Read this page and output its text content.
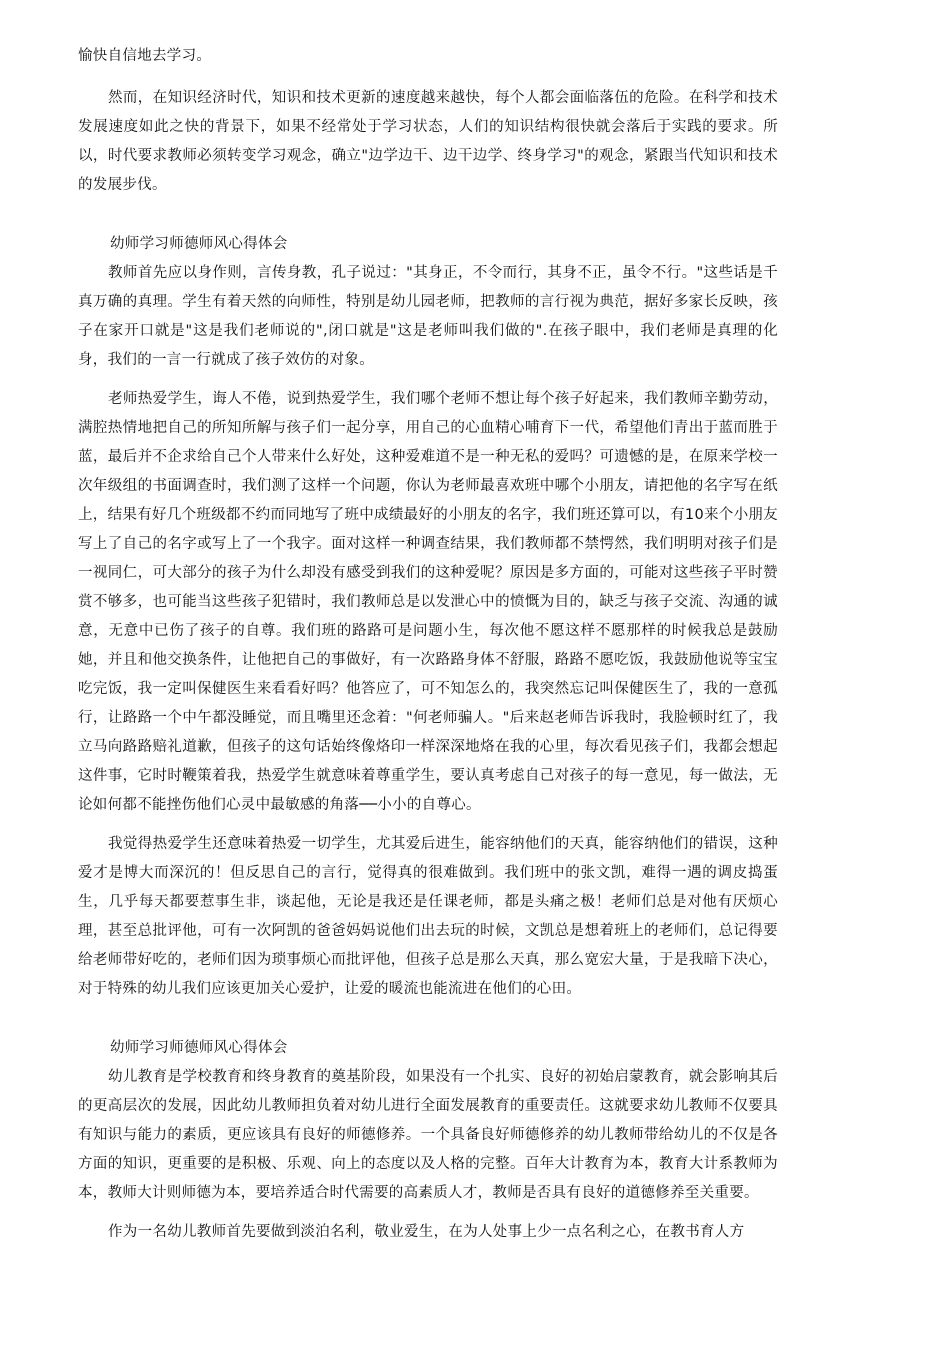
愉快自信地去学习。

然而，在知识经济时代，知识和技术更新的速度越来越快，每个人都会面临落伍的危险。在科学和技术发展速度如此之快的背景下，如果不经常处于学习状态，人们的知识结构很快就会落后于实践的要求。所以，时代要求教师必须转变学习观念，确立"边学边干、边干边学、终身学习"的观念，紧跟当代知识和技术的发展步伐。

幼师学习师德师风心得体会

教师首先应以身作则，言传身教，孔子说过："其身正，不令而行，其身不正，虽令不行。"这些话是千真万确的真理。学生有着天然的向师性，特别是幼儿园老师，把教师的言行视为典范，据好多家长反映，孩子在家开口就是"这是我们老师说的",闭口就是"这是老师叫我们做的".在孩子眼中，我们老师是真理的化身，我们的一言一行就成了孩子效仿的对象。

老师热爱学生，诲人不倦，说到热爱学生，我们哪个老师不想让每个孩子好起来，我们教师辛勤劳动，满腔热情地把自己的所知所解与孩子们一起分享，用自己的心血精心哺育下一代，希望他们青出于蓝而胜于蓝，最后并不企求给自己个人带来什么好处，这种爱难道不是一种无私的爱吗？可遗憾的是，在原来学校一次年级组的书面调查时，我们测了这样一个问题，你认为老师最喜欢班中哪个小朋友，请把他的名字写在纸上，结果有好几个班级都不约而同地写了班中成绩最好的小朋友的名字，我们班还算可以，有10来个小朋友写上了自己的名字或写上了一个我字。面对这样一种调查结果，我们教师都不禁愕然，我们明明对孩子们是一视同仁，可大部分的孩子为什么却没有感受到我们的这种爱呢？原因是多方面的，可能对这些孩子平时赞赏不够多，也可能当这些孩子犯错时，我们教师总是以发泄心中的愤慨为目的，缺乏与孩子交流、沟通的诚意，无意中已伤了孩子的自尊。我们班的路路可是问题小生，每次他不愿这样不愿那样的时候我总是鼓励她，并且和他交换条件，让他把自己的事做好，有一次路路身体不舒服，路路不愿吃饭，我鼓励他说等宝宝吃完饭，我一定叫保健医生来看看好吗？他答应了，可不知怎么的，我突然忘记叫保健医生了，我的一意孤行，让路路一个中午都没睡觉，而且嘴里还念着："何老师骗人。"后来赵老师告诉我时，我脸顿时红了，我立马向路路赔礼道歉，但孩子的这句话始终像烙印一样深深地烙在我的心里，每次看见孩子们，我都会想起这件事，它时时鞭策着我，热爱学生就意味着尊重学生，要认真考虑自己对孩子的每一意见，每一做法，无论如何都不能挫伤他们心灵中最敏感的角落──小小的自尊心。

我觉得热爱学生还意味着热爱一切学生，尤其爱后进生，能容纳他们的天真，能容纳他们的错误，这种爱才是博大而深沉的！但反思自己的言行，觉得真的很难做到。我们班中的张文凯，难得一遇的调皮捣蛋生，几乎每天都要惹事生非，谈起他，无论是我还是任课老师，都是头痛之极！老师们总是对他有厌烦心理，甚至总批评他，可有一次阿凯的爸爸妈妈说他们出去玩的时候，文凯总是想着班上的老师们，总记得要给老师带好吃的，老师们因为琐事烦心而批评他，但孩子总是那么天真，那么宽宏大量，于是我暗下决心，对于特殊的幼儿我们应该更加关心爱护，让爱的暖流也能流进在他们的心田。

幼师学习师德师风心得体会

幼儿教育是学校教育和终身教育的奠基阶段，如果没有一个扎实、良好的初始启蒙教育，就会影响其后的更高层次的发展，因此幼儿教师担负着对幼儿进行全面发展教育的重要责任。这就要求幼儿教师不仅要具有知识与能力的素质，更应该具有良好的师德修养。一个具备良好师德修养的幼儿教师带给幼儿的不仅是各方面的知识，更重要的是积极、乐观、向上的态度以及人格的完整。百年大计教育为本，教育大计系教师为本，教师大计则师德为本，要培养适合时代需要的高素质人才，教师是否具有良好的道德修养至关重要。

作为一名幼儿教师首先要做到淡泊名利，敬业爱生，在为人处事上少一点名利之心，在教书育人方
